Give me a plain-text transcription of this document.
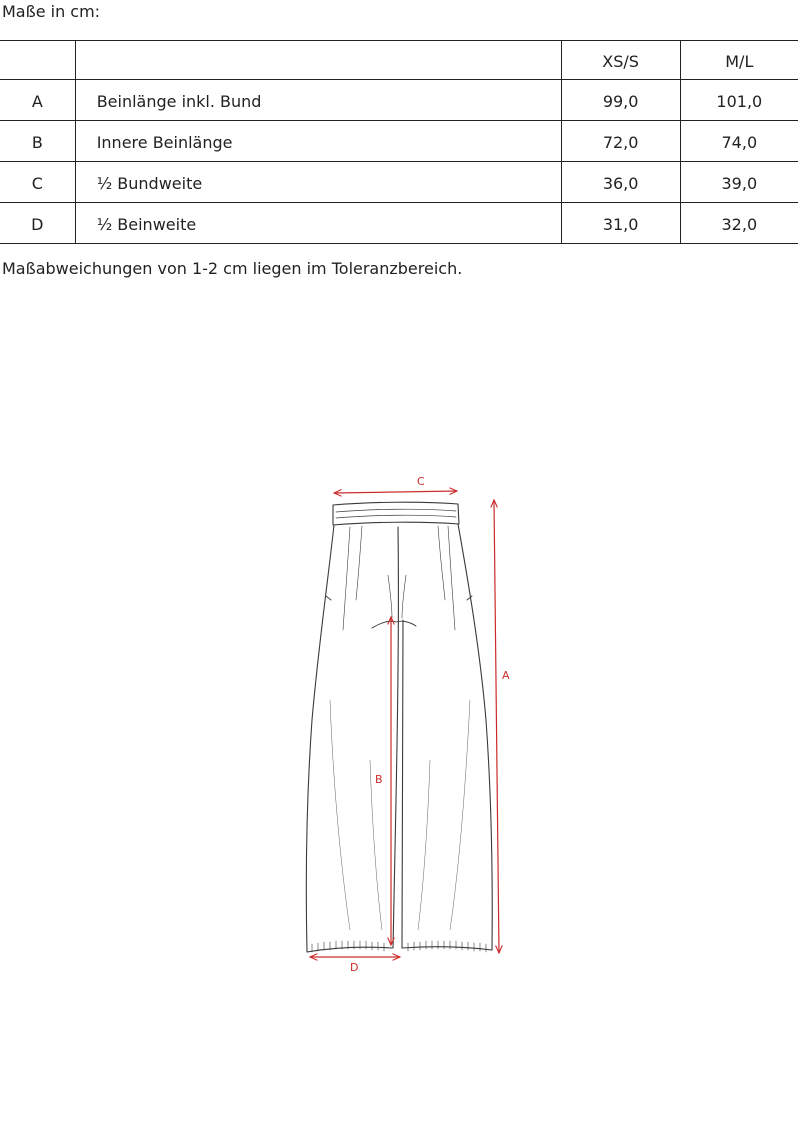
Maße in cm:
		XS/S	M/L
A	Beinlänge inkl. Bund	99,0	101,0
B	Innere Beinlänge	72,0	74,0
C	½ Bundweite	36,0	39,0
D	½ Beinweite	31,0	32,0

Maßabweichungen von 1-2 cm liegen im Toleranzbereich.

C
A
B
D
